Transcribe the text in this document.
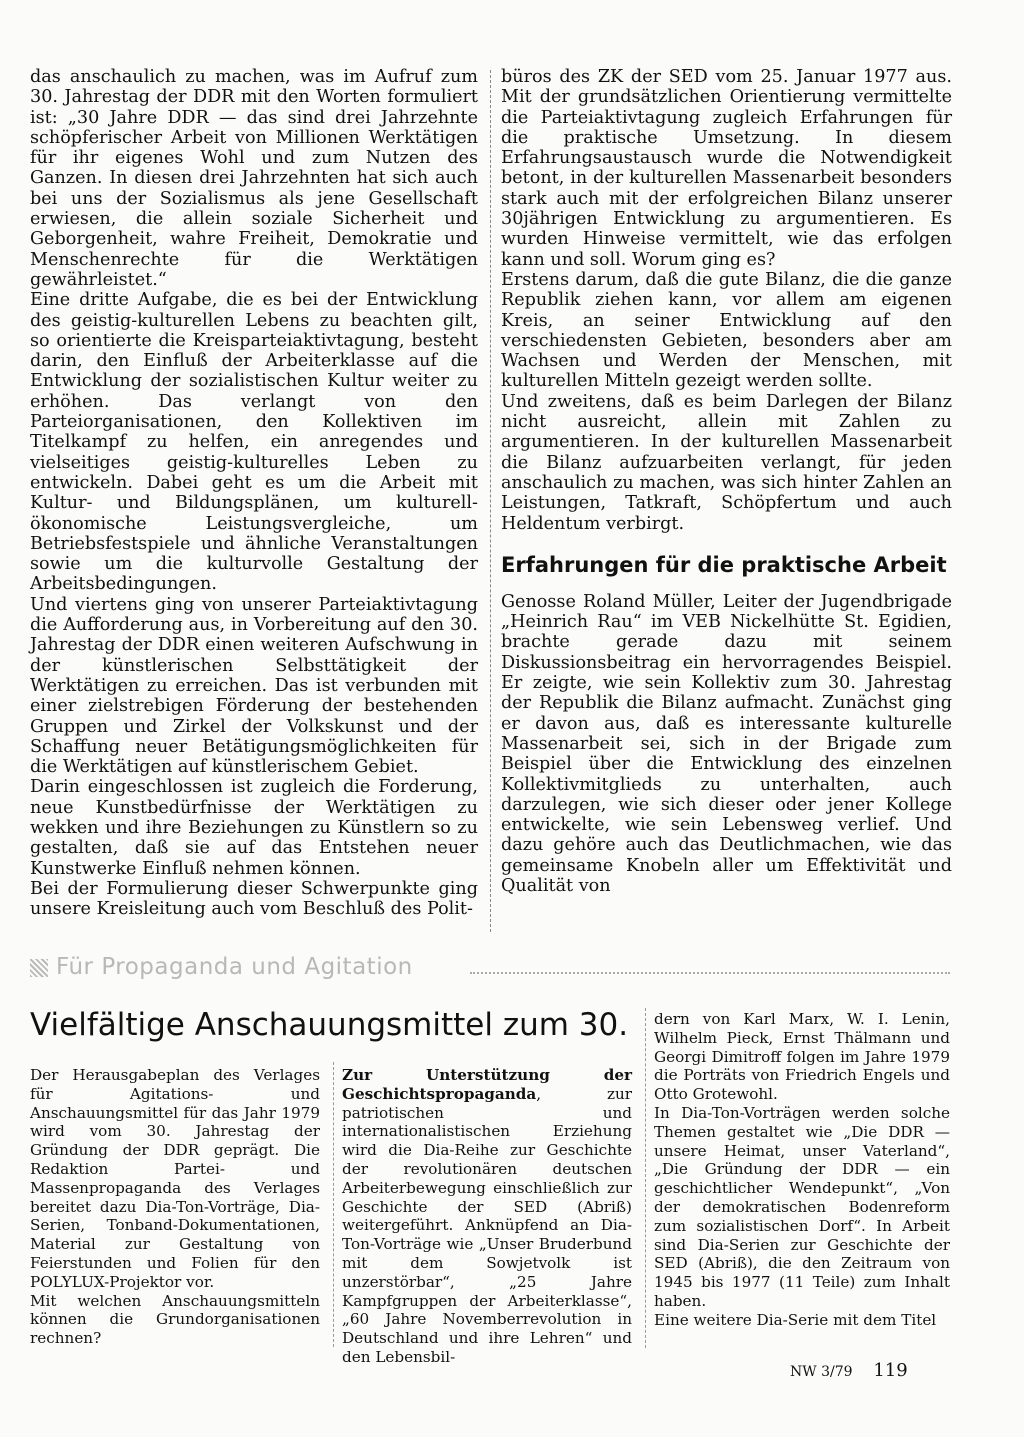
das anschaulich zu machen, was im Aufruf zum 30. Jahrestag der DDR mit den Worten formuliert ist: „30 Jahre DDR — das sind drei Jahrzehnte schöpferischer Arbeit von Millionen Werktätigen für ihr eigenes Wohl und zum Nutzen des Ganzen. In diesen drei Jahrzehnten hat sich auch bei uns der Sozialismus als jene Gesellschaft erwiesen, die allein soziale Sicherheit und Geborgenheit, wahre Freiheit, Demokratie und Menschenrechte für die Werktätigen gewährleistet.“

Eine dritte Aufgabe, die es bei der Entwicklung des geistig-kulturellen Lebens zu beachten gilt, so orientierte die Kreisparteiaktivtagung, besteht darin, den Einfluß der Arbeiterklasse auf die Entwicklung der sozialistischen Kultur weiter zu erhöhen. Das verlangt von den Parteiorganisationen, den Kollektiven im Titelkampf zu helfen, ein anregendes und vielseitiges geistig-kulturelles Leben zu entwickeln. Dabei geht es um die Arbeit mit Kultur- und Bildungsplänen, um kulturell-ökonomische Leistungsvergleiche, um Betriebsfestspiele und ähnliche Veranstaltungen sowie um die kulturvolle Gestaltung der Arbeitsbedingungen.

Und viertens ging von unserer Parteiaktivtagung die Aufforderung aus, in Vorbereitung auf den 30. Jahrestag der DDR einen weiteren Aufschwung in der künstlerischen Selbsttätigkeit der Werktätigen zu erreichen. Das ist verbunden mit einer zielstrebigen Förderung der bestehenden Gruppen und Zirkel der Volkskunst und der Schaffung neuer Betätigungsmöglichkeiten für die Werktätigen auf künstlerischem Gebiet.

Darin eingeschlossen ist zugleich die Forderung, neue Kunstbedürfnisse der Werktätigen zu wekken und ihre Beziehungen zu Künstlern so zu gestalten, daß sie auf das Entstehen neuer Kunstwerke Einfluß nehmen können.

Bei der Formulierung dieser Schwerpunkte ging unsere Kreisleitung auch vom Beschluß des Polit-

büros des ZK der SED vom 25. Januar 1977 aus. Mit der grundsätzlichen Orientierung vermittelte die Parteiaktivtagung zugleich Erfahrungen für die praktische Umsetzung. In diesem Erfahrungsaustausch wurde die Notwendigkeit betont, in der kulturellen Massenarbeit besonders stark auch mit der erfolgreichen Bilanz unserer 30jährigen Entwicklung zu argumentieren. Es wurden Hinweise vermittelt, wie das erfolgen kann und soll. Worum ging es?

Erstens darum, daß die gute Bilanz, die die ganze Republik ziehen kann, vor allem am eigenen Kreis, an seiner Entwicklung auf den verschiedensten Gebieten, besonders aber am Wachsen und Werden der Menschen, mit kulturellen Mitteln gezeigt werden sollte.

Und zweitens, daß es beim Darlegen der Bilanz nicht ausreicht, allein mit Zahlen zu argumentieren. In der kulturellen Massenarbeit die Bilanz aufzuarbeiten verlangt, für jeden anschaulich zu machen, was sich hinter Zahlen an Leistungen, Tatkraft, Schöpfertum und auch Heldentum verbirgt.

Erfahrungen für die praktische Arbeit

Genosse Roland Müller, Leiter der Jugendbrigade „Heinrich Rau“ im VEB Nickelhütte St. Egidien, brachte gerade dazu mit seinem Diskussionsbeitrag ein hervorragendes Beispiel. Er zeigte, wie sein Kollektiv zum 30. Jahrestag der Republik die Bilanz aufmacht. Zunächst ging er davon aus, daß es interessante kulturelle Massenarbeit sei, sich in der Brigade zum Beispiel über die Entwicklung des einzelnen Kollektivmitglieds zu unterhalten, auch darzulegen, wie sich dieser oder jener Kollege entwickelte, wie sein Lebensweg verlief. Und dazu gehöre auch das Deutlichmachen, wie das gemeinsame Knobeln aller um Effektivität und Qualität von

Für Propaganda und Agitation
Vielfältige Anschauungsmittel zum 30.

Der Herausgabeplan des Verlages für Agitations- und Anschauungsmittel für das Jahr 1979 wird vom 30. Jahrestag der Gründung der DDR geprägt. Die Redaktion Partei- und Massenpropaganda des Verlages bereitet dazu Dia-Ton-Vorträge, Dia-Serien, Tonband-Dokumentationen, Material zur Gestaltung von Feierstunden und Folien für den POLYLUX-Projektor vor.

Mit welchen Anschauungsmitteln können die Grundorganisationen rechnen?

Zur Unterstützung der Geschichtspropaganda, zur patriotischen und internationalistischen Erziehung wird die Dia-Reihe zur Geschichte der revolutionären deutschen Arbeiterbewegung einschließlich zur Geschichte der SED (Abriß) weitergeführt. Anknüpfend an Dia-Ton-Vorträge wie „Unser Bruderbund mit dem Sowjetvolk ist unzerstörbar“, „25 Jahre Kampfgruppen der Arbeiterklasse“, „60 Jahre Novemberrevolution in Deutschland und ihre Lehren“ und den Lebensbil-

dern von Karl Marx, W. I. Lenin, Wilhelm Pieck, Ernst Thälmann und Georgi Dimitroff folgen im Jahre 1979 die Porträts von Friedrich Engels und Otto Grotewohl.

In Dia-Ton-Vorträgen werden solche Themen gestaltet wie „Die DDR — unsere Heimat, unser Vaterland“, „Die Gründung der DDR — ein geschichtlicher Wendepunkt“, „Von der demokratischen Bodenreform zum sozialistischen Dorf“. In Arbeit sind Dia-Serien zur Geschichte der SED (Abriß), die den Zeitraum von 1945 bis 1977 (11 Teile) zum Inhalt haben.

Eine weitere Dia-Serie mit dem Titel

NW 3/79 119
